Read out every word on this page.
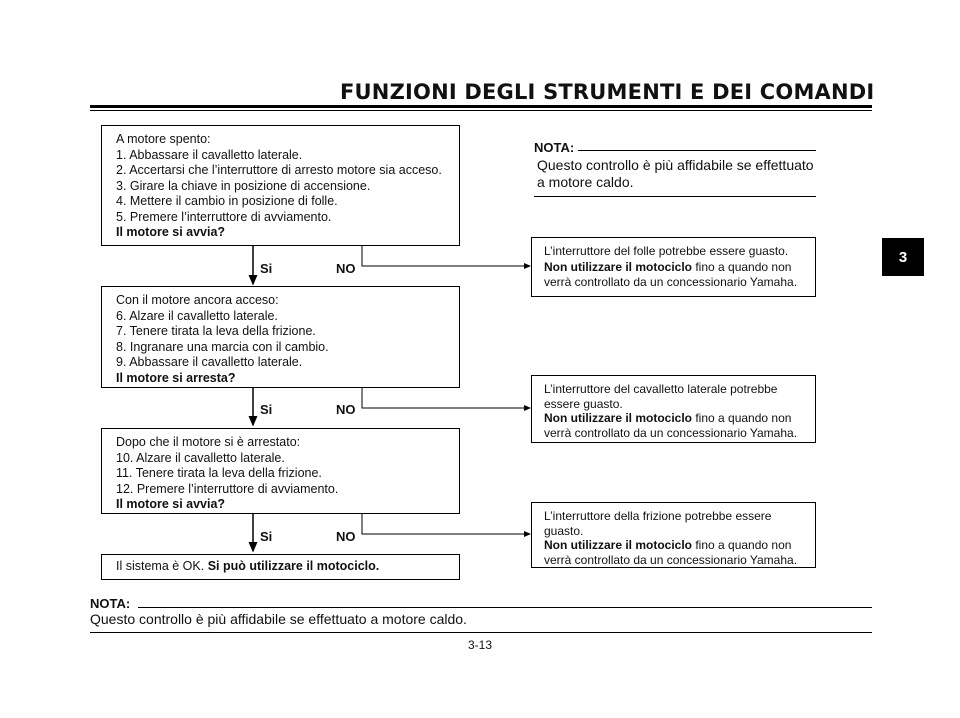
FUNZIONI DEGLI STRUMENTI E DEI COMANDI
3
A motore spento:
1. Abbassare il cavalletto laterale.
2. Accertarsi che l’interruttore di arresto motore sia acceso.
3. Girare la chiave in posizione di accensione.
4. Mettere il cambio in posizione di folle.
5. Premere l’interruttore di avviamento.
Il motore si avvia?
Si	NO
Con il motore ancora acceso:
6. Alzare il cavalletto laterale.
7. Tenere tirata la leva della frizione.
8. Ingranare una marcia con il cambio.
9. Abbassare il cavalletto laterale.
Il motore si arresta?
Si	NO
Dopo che il motore si è arrestato:
10. Alzare il cavalletto laterale.
11. Tenere tirata la leva della frizione.
12. Premere l’interruttore di avviamento.
Il motore si avvia?
Si	NO
Il sistema è OK. Si può utilizzare il motociclo.
NOTA:
Questo controllo è più affidabile se effettuato
a motore caldo.
L’interruttore del folle potrebbe essere guasto.
Non utilizzare il motociclo fino a quando non
verrà controllato da un concessionario Yamaha.
L’interruttore del cavalletto laterale potrebbe
essere guasto.
Non utilizzare il motociclo fino a quando non
verrà controllato da un concessionario Yamaha.
L’interruttore della frizione potrebbe essere
guasto.
Non utilizzare il motociclo fino a quando non
verrà controllato da un concessionario Yamaha.
NOTA:
Questo controllo è più affidabile se effettuato a motore caldo.
3-13
